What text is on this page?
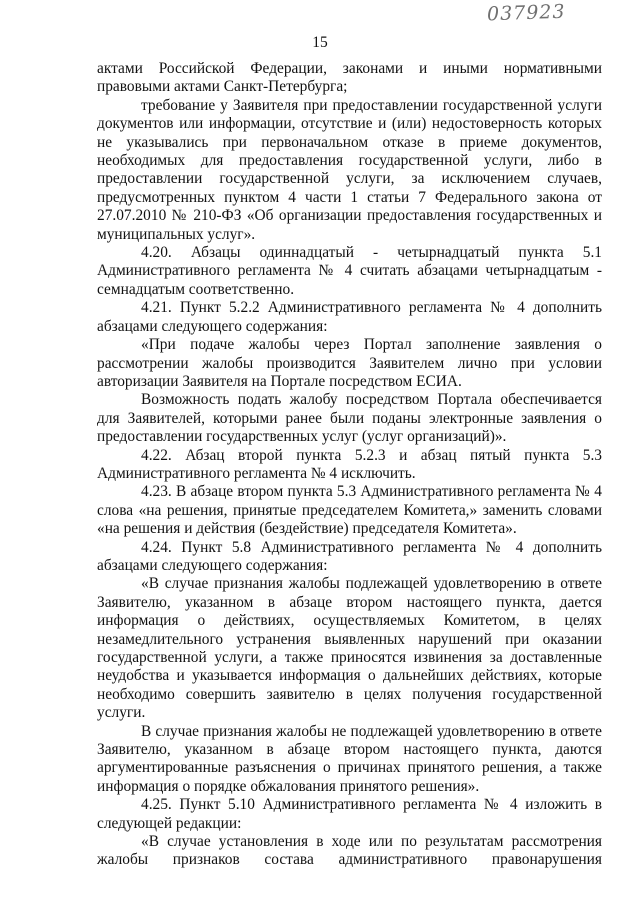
037923
15

актами Российской Федерации, законами и иными нормативными правовыми актами Санкт-Петербурга;

требование у Заявителя при предоставлении государственной услуги документов или информации, отсутствие и (или) недостоверность которых не указывались при первоначальном отказе в приеме документов, необходимых для предоставления государственной услуги, либо в предоставлении государственной услуги, за исключением случаев, предусмотренных пунктом 4 части 1 статьи 7 Федерального закона от 27.07.2010 № 210-ФЗ «Об организации предоставления государственных и муниципальных услуг».

4.20. Абзацы одиннадцатый - четырнадцатый пункта 5.1 Административного регламента № 4 считать абзацами четырнадцатым - семнадцатым соответственно.

4.21. Пункт 5.2.2 Административного регламента № 4 дополнить абзацами следующего содержания:

«При подаче жалобы через Портал заполнение заявления о рассмотрении жалобы производится Заявителем лично при условии авторизации Заявителя на Портале посредством ЕСИА.

Возможность подать жалобу посредством Портала обеспечивается для Заявителей, которыми ранее были поданы электронные заявления о предоставлении государственных услуг (услуг организаций)».

4.22. Абзац второй пункта 5.2.3 и абзац пятый пункта 5.3 Административного регламента № 4 исключить.

4.23. В абзаце втором пункта 5.3 Административного регламента № 4 слова «на решения, принятые председателем Комитета,» заменить словами «на решения и действия (бездействие) председателя Комитета».

4.24. Пункт 5.8 Административного регламента № 4 дополнить абзацами следующего содержания:

«В случае признания жалобы подлежащей удовлетворению в ответе Заявителю, указанном в абзаце втором настоящего пункта, дается информация о действиях, осуществляемых Комитетом, в целях незамедлительного устранения выявленных нарушений при оказании государственной услуги, а также приносятся извинения за доставленные неудобства и указывается информация о дальнейших действиях, которые необходимо совершить заявителю в целях получения государственной услуги.

В случае признания жалобы не подлежащей удовлетворению в ответе Заявителю, указанном в абзаце втором настоящего пункта, даются аргументированные разъяснения о причинах принятого решения, а также информация о порядке обжалования принятого решения».

4.25. Пункт 5.10 Административного регламента № 4 изложить в следующей редакции:

«В случае установления в ходе или по результатам рассмотрения жалобы признаков состава административного правонарушения
